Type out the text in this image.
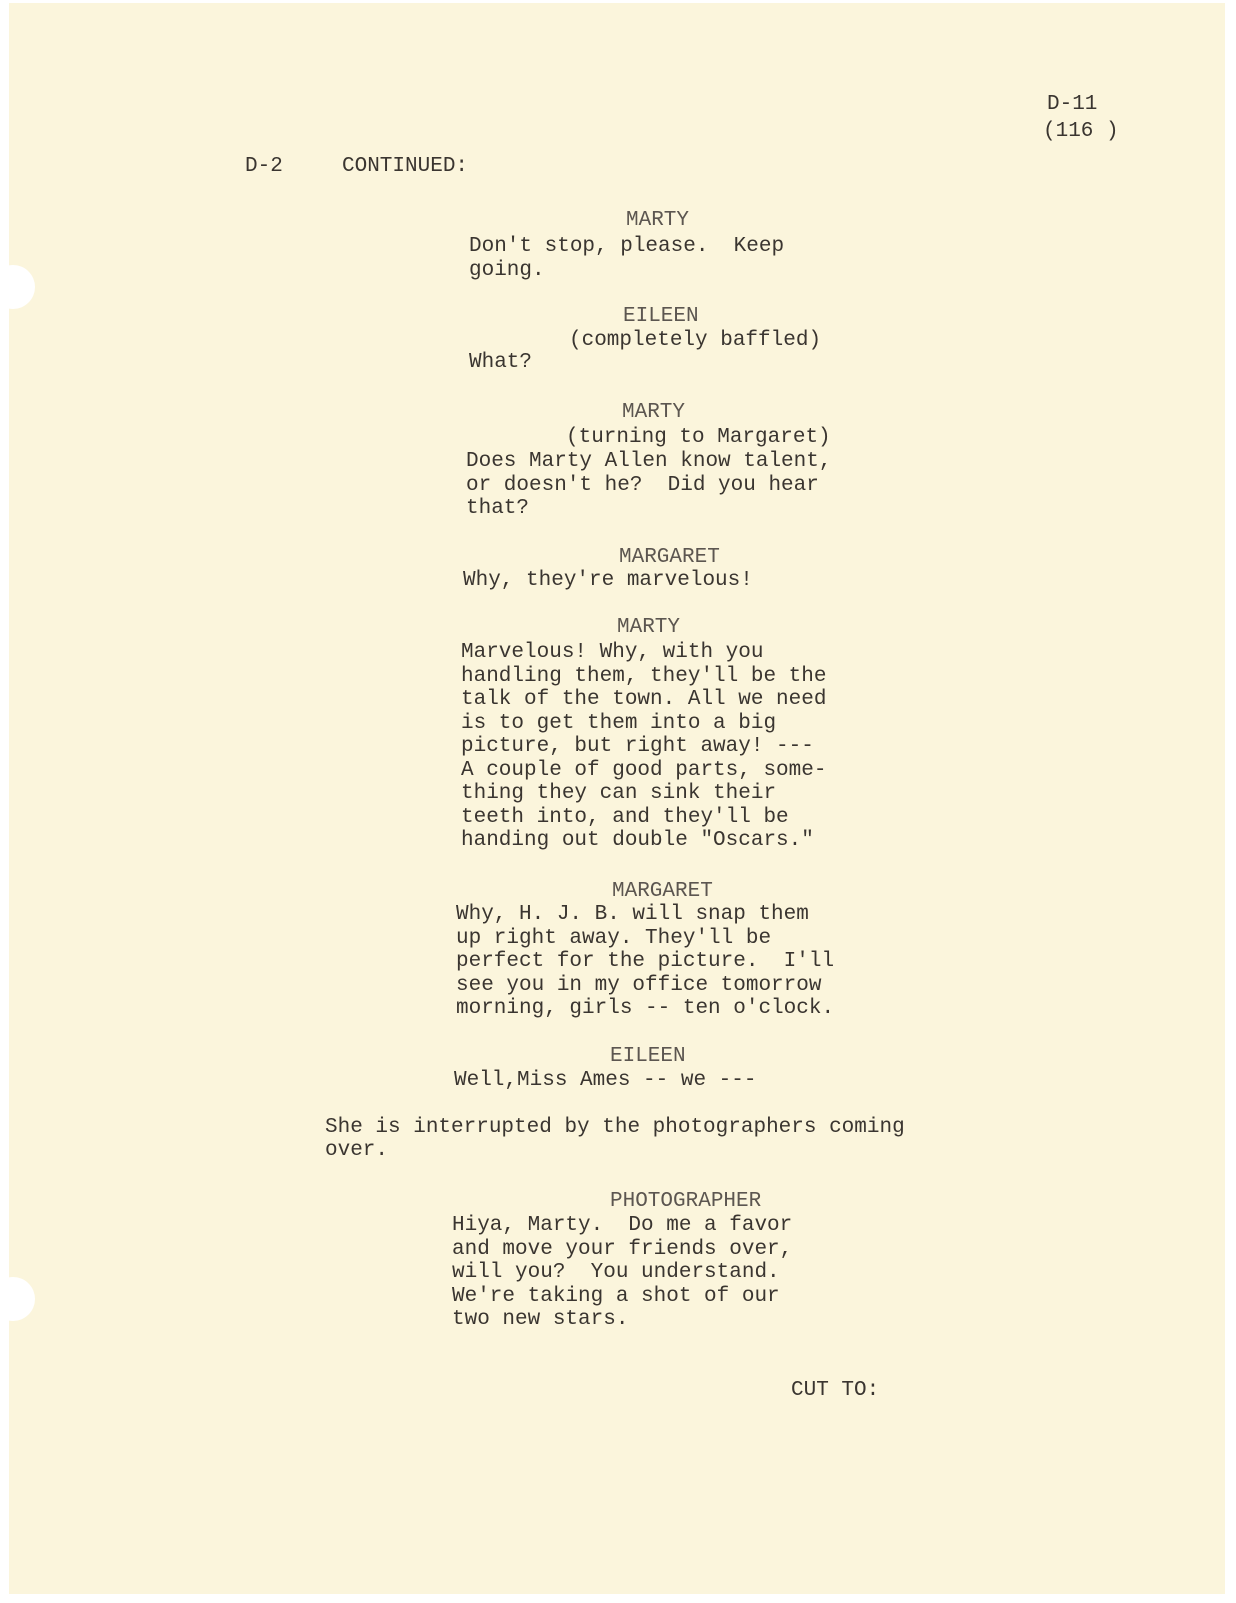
D-11
(116 )
D-2	CONTINUED:
MARTY
Don't stop, please.  Keep
going.
EILEEN
(completely baffled)
What?
MARTY
(turning to Margaret)
Does Marty Allen know talent,
or doesn't he?  Did you hear
that?
MARGARET
Why, they're marvelous!
MARTY
Marvelous! Why, with you
handling them, they'll be the
talk of the town. All we need
is to get them into a big
picture, but right away! ---
A couple of good parts, some-
thing they can sink their
teeth into, and they'll be
handing out double "Oscars."
MARGARET
Why, H. J. B. will snap them
up right away. They'll be
perfect for the picture.  I'll
see you in my office tomorrow
morning, girls -- ten o'clock.
EILEEN
Well,Miss Ames -- we ---
She is interrupted by the photographers coming
over.
PHOTOGRAPHER
Hiya, Marty.  Do me a favor
and move your friends over,
will you?  You understand.
We're taking a shot of our
two new stars.
CUT TO:
